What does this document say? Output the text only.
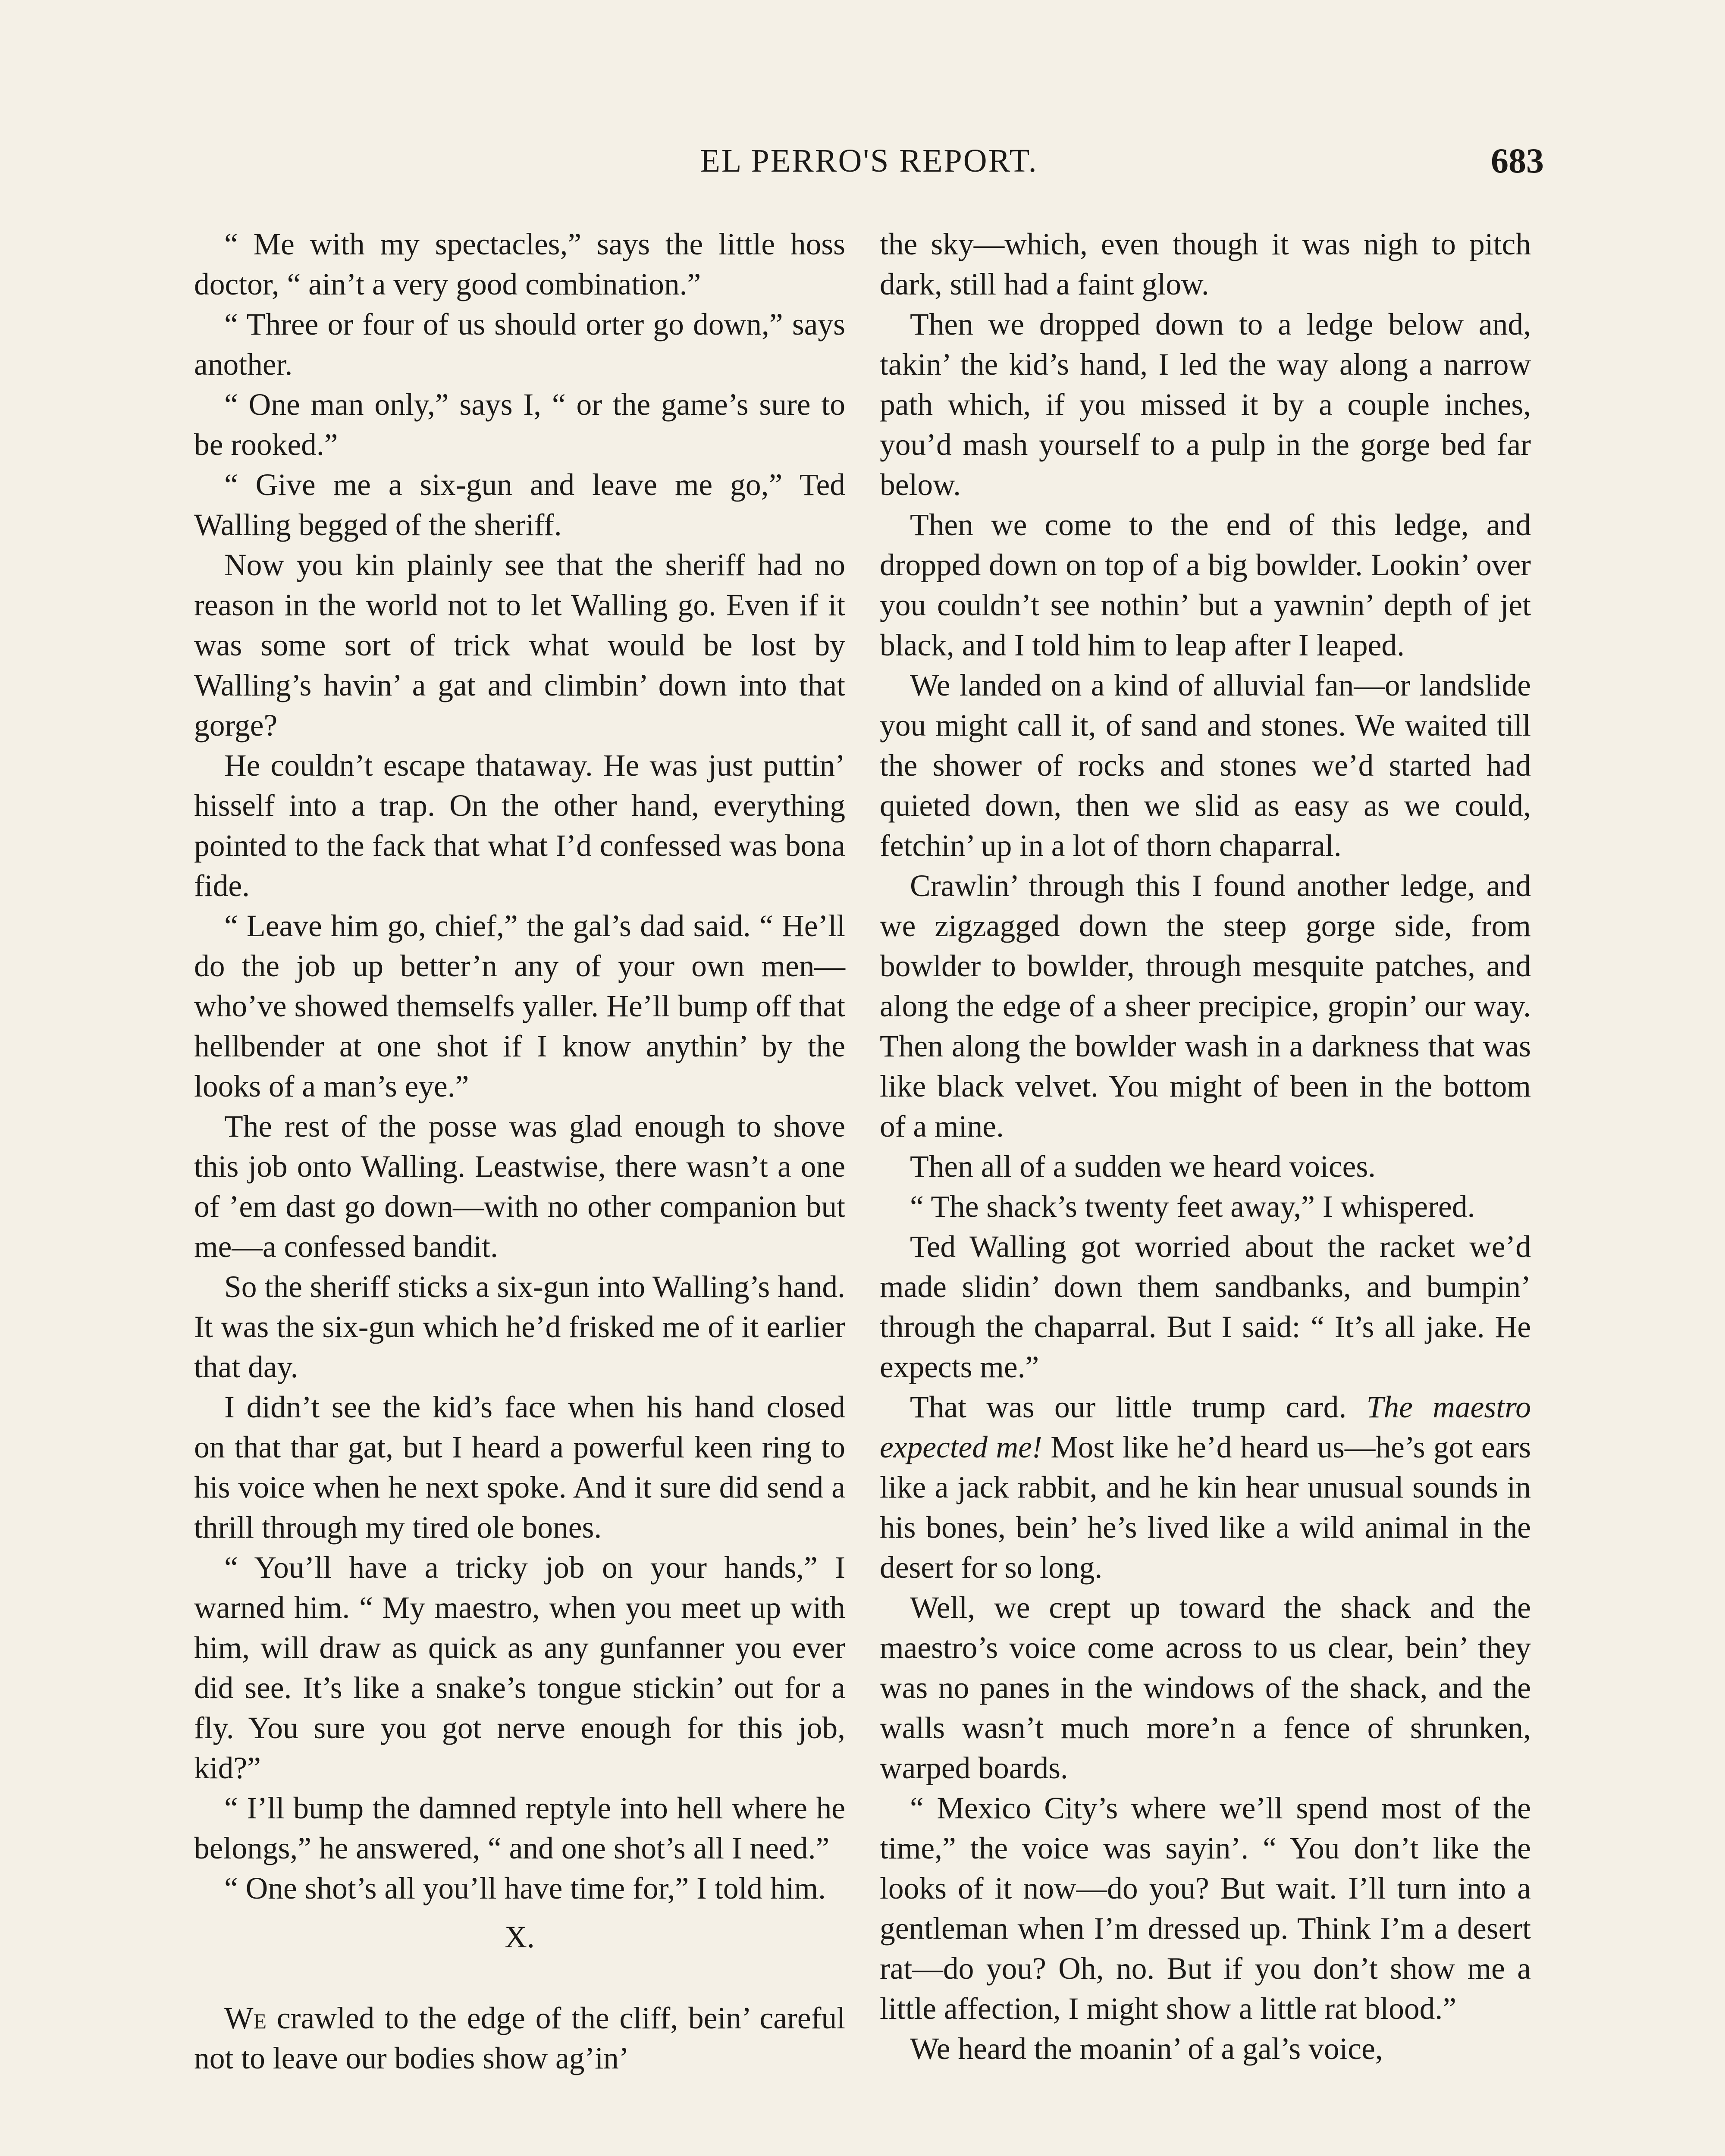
EL PERRO'S REPORT.	683

“ Me with my spectacles,” says the little hoss doctor, “ ain’t a very good combination.”

“ Three or four of us should orter go down,” says another.

“ One man only,” says I, “ or the game’s sure to be rooked.”

“ Give me a six-gun and leave me go,” Ted Walling begged of the sheriff.

Now you kin plainly see that the sheriff had no reason in the world not to let Walling go. Even if it was some sort of trick what would be lost by Walling’s havin’ a gat and climbin’ down into that gorge?

He couldn’t escape thataway. He was just puttin’ hisself into a trap. On the other hand, everything pointed to the fack that what I’d confessed was bona fide.

“ Leave him go, chief,” the gal’s dad said. “ He’ll do the job up better’n any of your own men—who’ve showed themselfs yaller. He’ll bump off that hellbender at one shot if I know anythin’ by the looks of a man’s eye.”

The rest of the posse was glad enough to shove this job onto Walling. Leastwise, there wasn’t a one of ’em dast go down—with no other companion but me—a confessed bandit.

So the sheriff sticks a six-gun into Walling’s hand. It was the six-gun which he’d frisked me of it earlier that day.

I didn’t see the kid’s face when his hand closed on that thar gat, but I heard a powerful keen ring to his voice when he next spoke. And it sure did send a thrill through my tired ole bones.

“ You’ll have a tricky job on your hands,” I warned him. “ My maestro, when you meet up with him, will draw as quick as any gunfanner you ever did see. It’s like a snake’s tongue stickin’ out for a fly. You sure you got nerve enough for this job, kid?”

“ I’ll bump the damned reptyle into hell where he belongs,” he answered, “ and one shot’s all I need.”

“ One shot’s all you’ll have time for,” I told him.

X.

We crawled to the edge of the cliff, bein’ careful not to leave our bodies show ag’in’

the sky—which, even though it was nigh to pitch dark, still had a faint glow.

Then we dropped down to a ledge below and, takin’ the kid’s hand, I led the way along a narrow path which, if you missed it by a couple inches, you’d mash yourself to a pulp in the gorge bed far below.

Then we come to the end of this ledge, and dropped down on top of a big bowlder. Lookin’ over you couldn’t see nothin’ but a yawnin’ depth of jet black, and I told him to leap after I leaped.

We landed on a kind of alluvial fan—or landslide you might call it, of sand and stones. We waited till the shower of rocks and stones we’d started had quieted down, then we slid as easy as we could, fetchin’ up in a lot of thorn chaparral.

Crawlin’ through this I found another ledge, and we zigzagged down the steep gorge side, from bowlder to bowlder, through mesquite patches, and along the edge of a sheer precipice, gropin’ our way. Then along the bowlder wash in a darkness that was like black velvet. You might of been in the bottom of a mine.

Then all of a sudden we heard voices.

“ The shack’s twenty feet away,” I whispered.

Ted Walling got worried about the racket we’d made slidin’ down them sandbanks, and bumpin’ through the chaparral. But I said: “ It’s all jake. He expects me.”

That was our little trump card. The maestro expected me! Most like he’d heard us—he’s got ears like a jack rabbit, and he kin hear unusual sounds in his bones, bein’ he’s lived like a wild animal in the desert for so long.

Well, we crept up toward the shack and the maestro’s voice come across to us clear, bein’ they was no panes in the windows of the shack, and the walls wasn’t much more’n a fence of shrunken, warped boards.

“ Mexico City’s where we’ll spend most of the time,” the voice was sayin’. “ You don’t like the looks of it now—do you? But wait. I’ll turn into a gentleman when I’m dressed up. Think I’m a desert rat—do you? Oh, no. But if you don’t show me a little affection, I might show a little rat blood.”

We heard the moanin’ of a gal’s voice,
